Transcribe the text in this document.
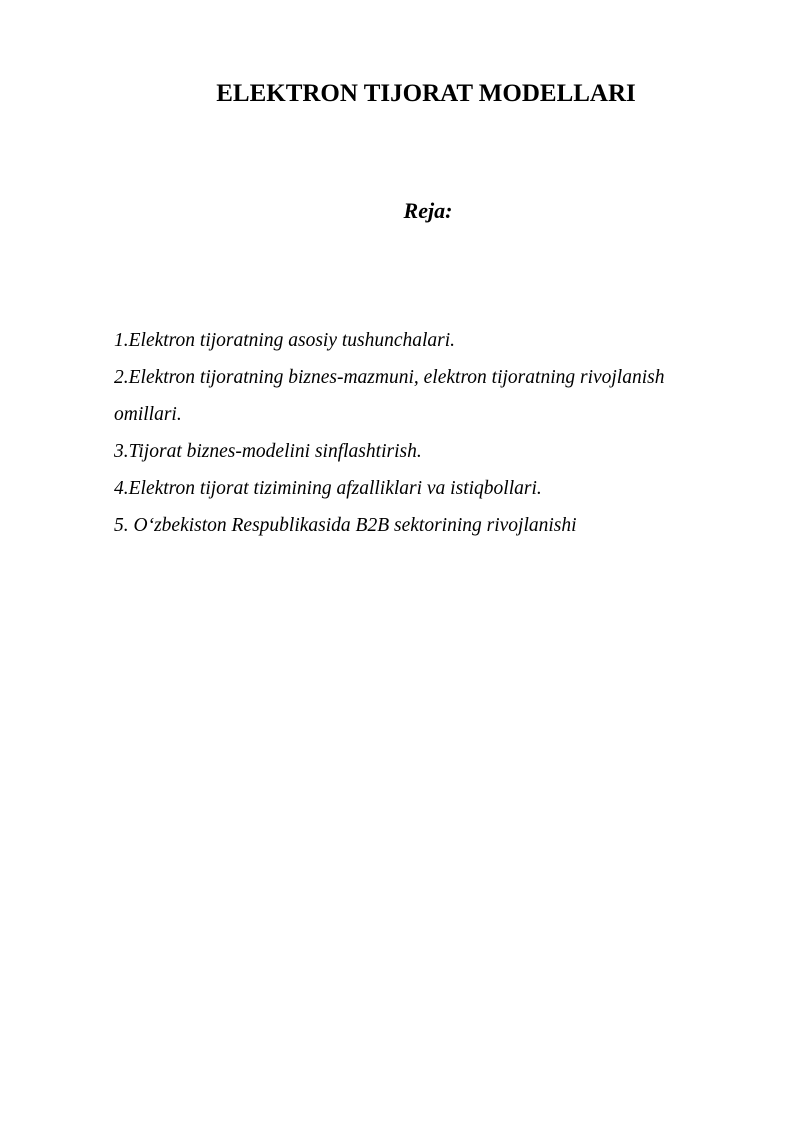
ELEKTRON TIJORAT MODELLARI
Reja:
1.Elektron tijoratning asosiy tushunchalari.
2.Elektron tijoratning biznes-mazmuni, elektron tijoratning rivojlanish omillari.
3.Tijorat biznes-modelini sinflashtirish.
4.Elektron tijorat tizimining afzalliklari va istiqbollari.
5. O‘zbekiston Respublikasida B2B sektorining rivojlanishi
